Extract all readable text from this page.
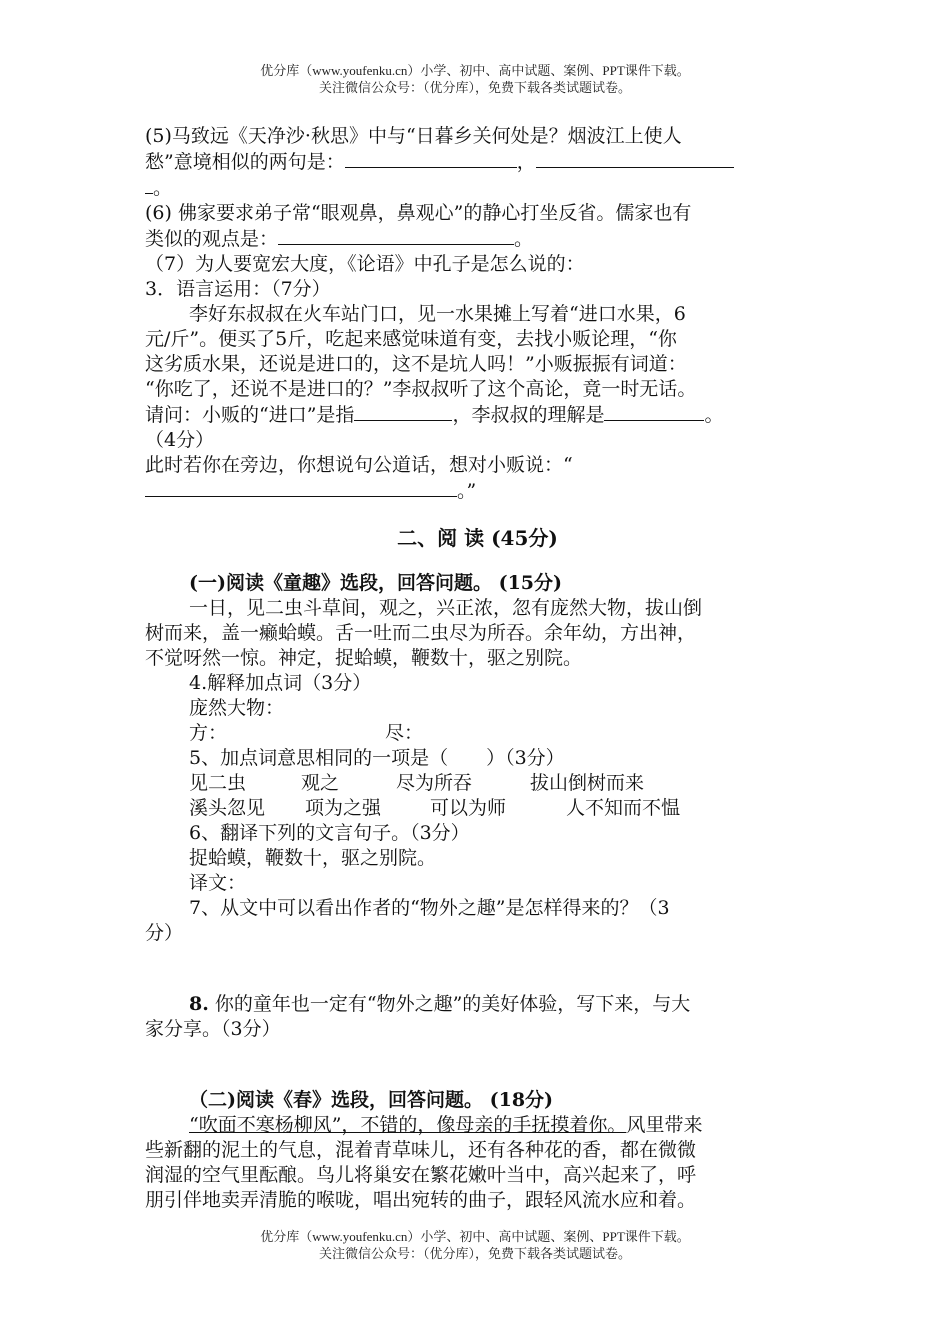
优分库（www.youfenku.cn）小学、初中、高中试题、案例、PPT课件下载。
关注微信公众号：（优分库），免费下载各类试题试卷。

(5)马致远《天净沙·秋思》中与“日暮乡关何处是？烟波江上使人

愁”意境相似的两句是：	，

。

(6) 佛家要求弟子常“眼观鼻，鼻观心”的静心打坐反省。儒家也有

类似的观点是：	。

（7）为人要宽宏大度，《论语》中孔子是怎么说的：

3．语言运用：（7分）

李好东叔叔在火车站门口，见一水果摊上写着“进口水果，6

元/斤”。便买了5斤，吃起来感觉味道有变，去找小贩论理，“你

这劣质水果，还说是进口的，这不是坑人吗！”小贩振振有词道：

“你吃了，还说不是进口的？”李叔叔听了这个高论，竟一时无话。

请问：小贩的“进口”是指	，李叔叔的理解是	。

（4分）

此时若你在旁边，你想说句公道话，想对小贩说：“

。”

二、阅 读 (45分)

(一)阅读《童趣》选段，回答问题。 (15分)

一日，见二虫斗草间，观之，兴正浓，忽有庞然大物，拔山倒

树而来，盖一癞蛤蟆。舌一吐而二虫尽为所吞。余年幼，方出神，

不觉呀然一惊。神定，捉蛤蟆，鞭数十，驱之别院。

4.解释加点词（3分）

庞然大物：

方：	尽：

5、加点词意思相同的一项是（　　）（3分）

见二虫	观之	尽为所吞	拔山倒树而来

溪头忽见 项为之强	可以为师	人不知而不愠

6、翻译下列的文言句子。（3分）

捉蛤蟆，鞭数十，驱之别院。

译文：

7、从文中可以看出作者的“物外之趣”是怎样得来的？（3

分）

8. 你的童年也一定有“物外之趣”的美好体验，写下来，与大

家分享。（3分）

（二)阅读《春》选段，回答问题。 (18分)

“吹面不寒杨柳风”，不错的，像母亲的手抚摸着你。风里带来

些新翻的泥土的气息，混着青草味儿，还有各种花的香，都在微微

润湿的空气里酝酿。鸟儿将巢安在繁花嫩叶当中，高兴起来了，呼

朋引伴地卖弄清脆的喉咙，唱出宛转的曲子，跟轻风流水应和着。

优分库（www.youfenku.cn）小学、初中、高中试题、案例、PPT课件下载。
关注微信公众号：（优分库），免费下载各类试题试卷。
